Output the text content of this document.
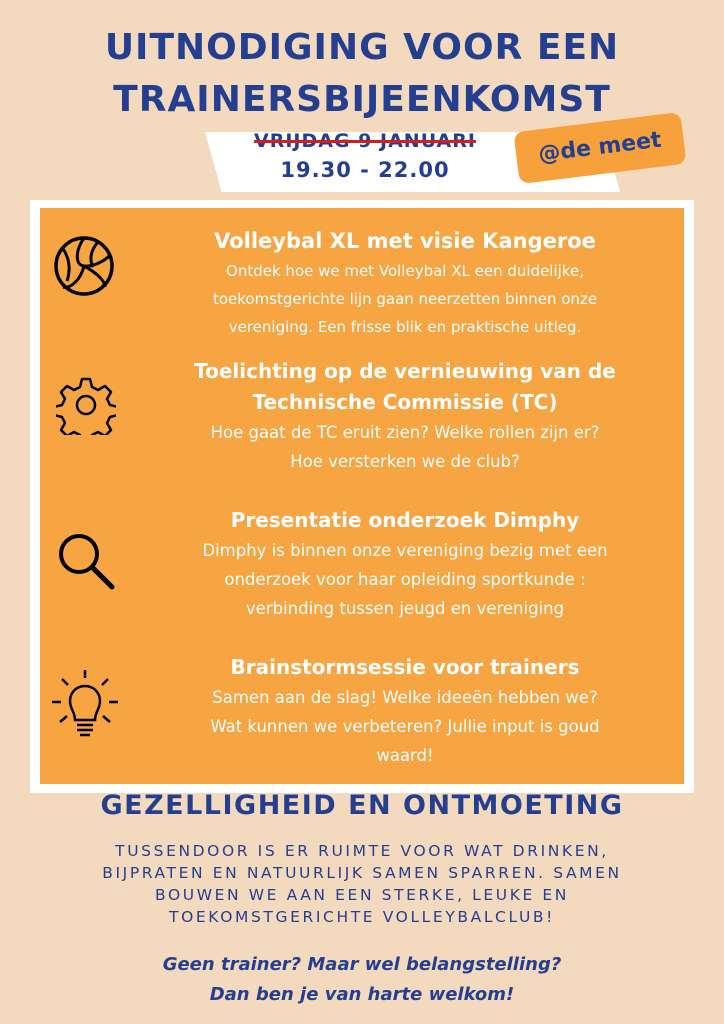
UITNODIGING VOOR EEN
TRAINERSBIJEENKOMST
VRIJDAG 9 JANUARI
19.30 - 22.00
@de meet
Volleybal XL met visie Kangeroe
Ontdek hoe we met Volleybal XL een duidelijke,
toekomstgerichte lijn gaan neerzetten binnen onze
vereniging. Een frisse blik en praktische uitleg.
Toelichting op de vernieuwing van de
Technische Commissie (TC)
Hoe gaat de TC eruit zien? Welke rollen zijn er?
Hoe versterken we de club?
Presentatie onderzoek Dimphy
Dimphy is binnen onze vereniging bezig met een
onderzoek voor haar opleiding sportkunde :
verbinding tussen jeugd en vereniging
Brainstormsessie voor trainers
Samen aan de slag! Welke ideeën hebben we?
Wat kunnen we verbeteren? Jullie input is goud
waard!
GEZELLIGHEID EN ONTMOETING
TUSSENDOOR IS ER RUIMTE VOOR WAT DRINKEN,
BIJPRATEN EN NATUURLIJK SAMEN SPARREN. SAMEN
BOUWEN WE AAN EEN STERKE, LEUKE EN
TOEKOMSTGERICHTE VOLLEYBALCLUB!
Geen trainer? Maar wel belangstelling?
Dan ben je van harte welkom!
